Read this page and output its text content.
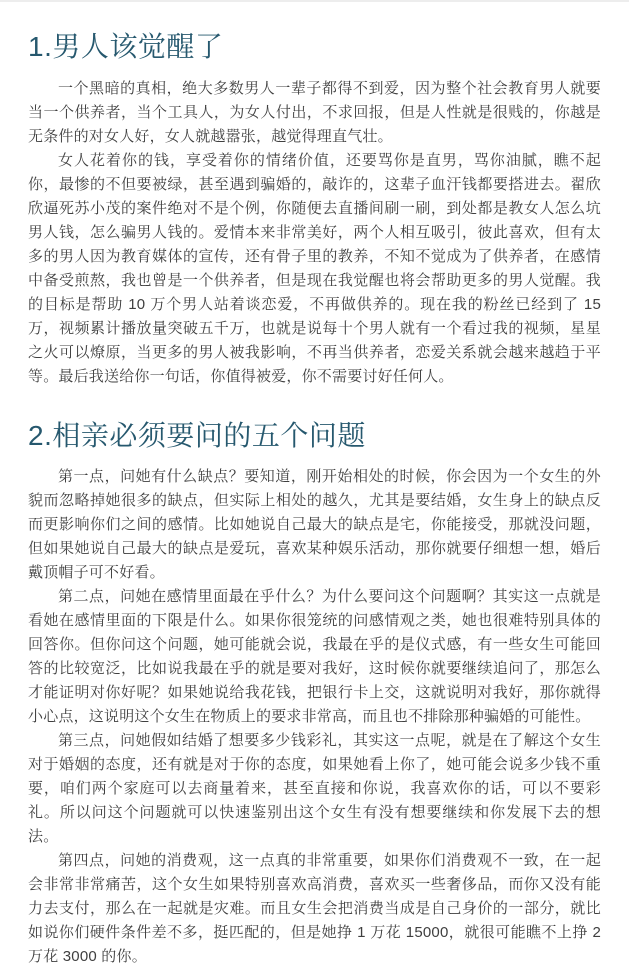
1.男人该觉醒了

一个黑暗的真相，绝大多数男人一辈子都得不到爱，因为整个社会教育男人就要当一个供养者，当个工具人，为女人付出，不求回报，但是人性就是很贱的，你越是无条件的对女人好，女人就越嚣张，越觉得理直气壮。

女人花着你的钱，享受着你的情绪价值，还要骂你是直男，骂你油腻，瞧不起你，最惨的不但要被绿，甚至遇到骗婚的，敲诈的，这辈子血汗钱都要搭进去。翟欣欣逼死苏小茂的案件绝对不是个例，你随便去直播间刷一刷，到处都是教女人怎么坑男人钱，怎么骗男人钱的。爱情本来非常美好，两个人相互吸引，彼此喜欢，但有太多的男人因为教育媒体的宣传，还有骨子里的教养，不知不觉成为了供养者，在感情中备受煎熬，我也曾是一个供养者，但是现在我觉醒也将会帮助更多的男人觉醒。我的目标是帮助 10 万个男人站着谈恋爱，不再做供养的。现在我的粉丝已经到了 15 万，视频累计播放量突破五千万，也就是说每十个男人就有一个看过我的视频，星星之火可以燎原，当更多的男人被我影响，不再当供养者，恋爱关系就会越来越趋于平等。最后我送给你一句话，你值得被爱，你不需要讨好任何人。

2.相亲必须要问的五个问题

第一点，问她有什么缺点？要知道，刚开始相处的时候，你会因为一个女生的外貌而忽略掉她很多的缺点，但实际上相处的越久，尤其是要结婚，女生身上的缺点反而更影响你们之间的感情。比如她说自己最大的缺点是宅，你能接受，那就没问题，但如果她说自己最大的缺点是爱玩，喜欢某种娱乐活动，那你就要仔细想一想，婚后戴顶帽子可不好看。

第二点，问她在感情里面最在乎什么？为什么要问这个问题啊？其实这一点就是看她在感情里面的下限是什么。如果你很笼统的问感情观之类，她也很难特别具体的回答你。但你问这个问题，她可能就会说，我最在乎的是仪式感，有一些女生可能回答的比较宽泛，比如说我最在乎的就是要对我好，这时候你就要继续追问了，那怎么才能证明对你好呢？如果她说给我花钱，把银行卡上交，这就说明对我好，那你就得小心点，这说明这个女生在物质上的要求非常高，而且也不排除那种骗婚的可能性。

第三点，问她假如结婚了想要多少钱彩礼，其实这一点呢，就是在了解这个女生对于婚姻的态度，还有就是对于你的态度，如果她看上你了，她可能会说多少钱不重要，咱们两个家庭可以去商量着来，甚至直接和你说，我喜欢你的话，可以不要彩礼。所以问这个问题就可以快速鉴别出这个女生有没有想要继续和你发展下去的想法。

第四点，问她的消费观，这一点真的非常重要，如果你们消费观不一致，在一起会非常非常痛苦，这个女生如果特别喜欢高消费，喜欢买一些奢侈品，而你又没有能力去支付，那么在一起就是灾难。而且女生会把消费当成是自己身价的一部分，就比如说你们硬件条件差不多，挺匹配的，但是她挣 1 万花 15000，就很可能瞧不上挣 2 万花 3000 的你。
